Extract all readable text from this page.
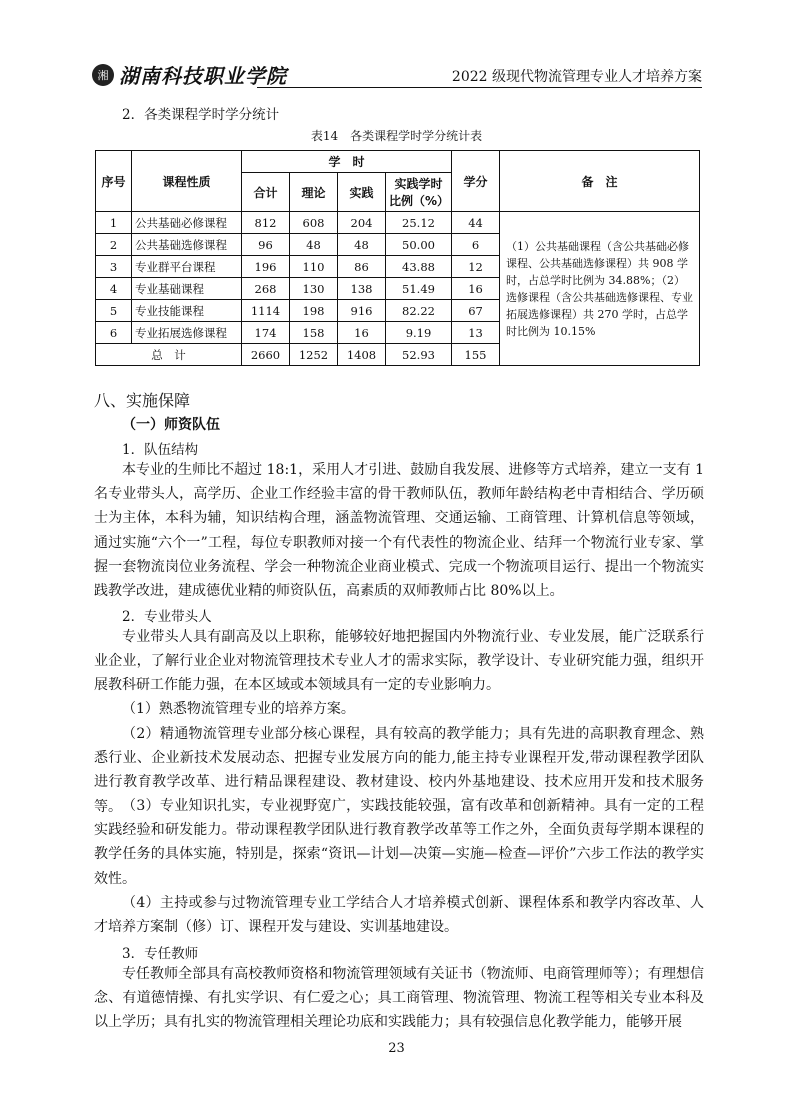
湘 湖南科技职业学院	2022 级现代物流管理专业人才培养方案
2．各类课程学时学分统计
表14　各类课程学时学分统计表
序号	课程性质	学　时				学分	备　注
		合计	理论	实践	实践学时比例（%）		
1	公共基础必修课程	812	608	204	25.12	44	（1）公共基础课程（含公共基础必修课程、公共基础选修课程）共 908 学时，占总学时比例为 34.88%；（2）选修课程（含公共基础选修课程、专业拓展选修课程）共 270 学时，占总学时比例为 10.15%
2	公共基础选修课程	96	48	48	50.00	6	
3	专业群平台课程	196	110	86	43.88	12	
4	专业基础课程	268	130	138	51.49	16	
5	专业技能课程	1114	198	916	82.22	67	
6	专业拓展选修课程	174	158	16	9.19	13	
总　计		2660	1252	1408	52.93	155	
八、实施保障
（一）师资队伍
1．队伍结构

本专业的生师比不超过 18:1，采用人才引进、鼓励自我发展、进修等方式培养，建立一支有 1 名专业带头人，高学历、企业工作经验丰富的骨干教师队伍，教师年龄结构老中青相结合、学历硕士为主体，本科为辅，知识结构合理，涵盖物流管理、交通运输、工商管理、计算机信息等领域，通过实施“六个一”工程，每位专职教师对接一个有代表性的物流企业、结拜一个物流行业专家、掌握一套物流岗位业务流程、学会一种物流企业商业模式、完成一个物流项目运行、提出一个物流实践教学改进，建成德优业精的师资队伍，高素质的双师教师占比 80%以上。

2．专业带头人

专业带头人具有副高及以上职称，能够较好地把握国内外物流行业、专业发展，能广泛联系行业企业，了解行业企业对物流管理技术专业人才的需求实际，教学设计、专业研究能力强，组织开展教科研工作能力强，在本区域或本领域具有一定的专业影响力。

（1）熟悉物流管理专业的培养方案。

（2）精通物流管理专业部分核心课程，具有较高的教学能力；具有先进的高职教育理念、熟悉行业、企业新技术发展动态、把握专业发展方向的能力,能主持专业课程开发,带动课程教学团队进行教育教学改革、进行精品课程建设、教材建设、校内外基地建设、技术应用开发和技术服务等。 （3）专业知识扎实，专业视野宽广，实践技能较强，富有改革和创新精神。具有一定的工程实践经验和研发能力。带动课程教学团队进行教育教学改革等工作之外，全面负责每学期本课程的教学任务的具体实施，特别是，探索“资讯—计划—决策—实施—检查—评价”六步工作法的教学实效性。

（4）主持或参与过物流管理专业工学结合人才培养模式创新、课程体系和教学内容改革、人才培养方案制（修）订、课程开发与建设、实训基地建设。

3．专任教师

专任教师全部具有高校教师资格和物流管理领域有关证书（物流师、电商管理师等）；有理想信念、有道德情操、有扎实学识、有仁爱之心；具工商管理、物流管理、物流工程等相关专业本科及以上学历；具有扎实的物流管理相关理论功底和实践能力；具有较强信息化教学能力，能够开展

23
